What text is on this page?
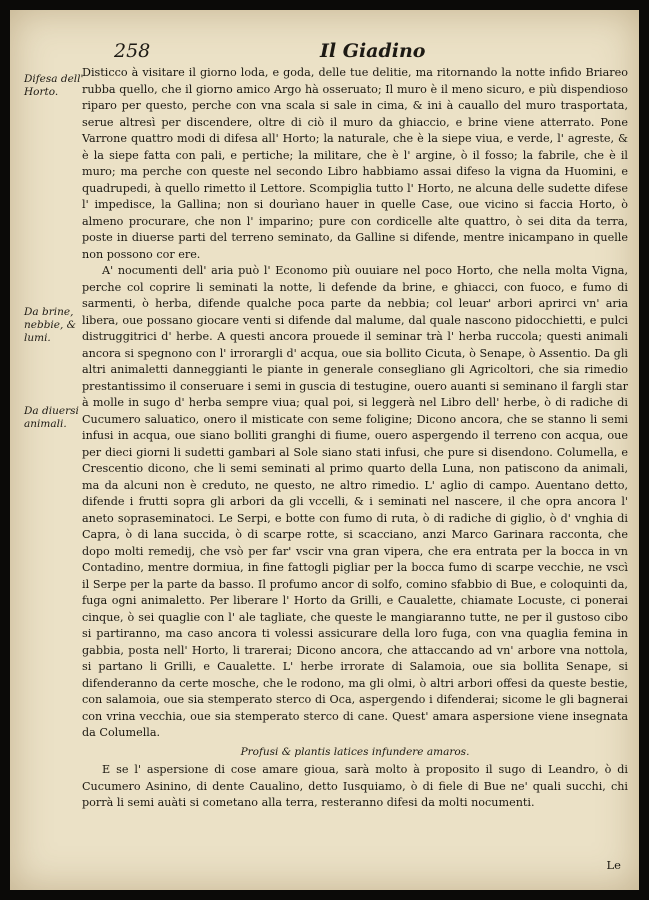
258	Il Giadino
Difesa dell' Horto.
Da brine, nebbie, & lumi.
Da diuersi animali.

Disticco à visitare il giorno loda, e goda, delle tue delitie, ma ritornando la notte infido Briareo rubba quello, che il giorno amico Argo hà osseruato; Il muro è il meno sicuro, e più dispendioso riparo per questo, perche con vna scala si sale in cima, & ini à cauallo del muro trasportata, serue altresì per discendere, oltre di ciò il muro da ghiaccio, e brine viene atterrato. Pone Varrone quattro modi di difesa all' Horto; la naturale, che è la siepe viua, e verde, l' agreste, & è la siepe fatta con pali, e pertiche; la militare, che è l' argine, ò il fosso; la fabrile, che è il muro; ma perche con queste nel secondo Libro habbiamo assai difeso la vigna da Huomini, e quadrupedi, à quello rimetto il Lettore. Scompiglia tutto l' Horto, ne alcuna delle sudette difese l' impedisce, la Gallina; non si dourìano hauer in quelle Case, oue vicino si faccia Horto, ò almeno procurare, che non l' imparino; pure con cordicelle alte quattro, ò sei dita da terra, poste in diuerse parti del terreno seminato, da Galline si difende, mentre inicampano in quelle non possono cor ere.

A' nocumenti dell' aria può l' Economo più ouuiare nel poco Horto, che nella molta Vigna, perche col coprire li seminati la notte, li defende da brine, e ghiacci, con fuoco, e fumo di sarmenti, ò herba, difende qualche poca parte da nebbia; col leuar' arbori aprirci vn' aria libera, oue possano giocare venti si difende dal malume, dal quale nascono pidocchietti, e pulci distruggitrici d' herbe. A questi ancora prouede il seminar trà l' herba ruccola; questi animali ancora si spegnono con l' irrorargli d' acqua, oue sia bollito Cicuta, ò Senape, ò Assentio. Da gli altri animaletti danneggianti le piante in generale consegliano gli Agricoltori, che sia rimedio prestantissimo il conseruare i semi in guscia di testugine, ouero auanti si seminano il fargli star à molle in sugo d' herba sempre viua; qual poi, si leggerà nel Libro dell' herbe, ò di radiche di Cucumero saluatico, onero il misticate con seme foligine; Dicono ancora, che se stanno li semi infusi in acqua, oue siano bolliti granghi di fiume, ouero aspergendo il terreno con acqua, oue per dieci giorni li sudetti gambari al Sole siano stati infusi, che pure si disendono. Columella, e Crescentio dicono, che li semi seminati al primo quarto della Luna, non patiscono da animali, ma da alcuni non è creduto, ne questo, ne altro rimedio. L' aglio di campo. Auentano detto, difende i frutti sopra gli arbori da gli vccelli, & i seminati nel nascere, il che opra ancora l' aneto sopraseminatoci. Le Serpi, e botte con fumo di ruta, ò di radiche di giglio, ò d' vnghia di Capra, ò di lana succida, ò di scarpe rotte, si scacciano, anzi Marco Garinara racconta, che dopo molti remedij, che vsò per far' vscir vna gran vipera, che era entrata per la bocca in vn Contadino, mentre dormiua, in fine fattogli pigliar per la bocca fumo di scarpe vecchie, ne vscì il Serpe per la parte da basso. Il profumo ancor di solfo, comino sfabbio di Bue, e coloquinti da, fuga ogni animaletto. Per liberare l' Horto da Grilli, e Caualette, chiamate Locuste, ci ponerai cinque, ò sei quaglie con l' ale tagliate, che queste le mangiaranno tutte, ne per il gustoso cibo si partiranno, ma caso ancora ti volessi assicurare della loro fuga, con vna quaglia femina in gabbia, posta nell' Horto, li trarerai; Dicono ancora, che attaccando ad vn' arbore vna nottola, si partano li Grilli, e Caualette. L' herbe irrorate di Salamoia, oue sia bollita Senape, si difenderanno da certe mosche, che le rodono, ma gli olmi, ò altri arbori offesi da queste bestie, con salamoia, oue sia stemperato sterco di Oca, aspergendo i difenderai; sicome le gli bagnerai con vrina vecchia, oue sia stemperato sterco di cane. Quest' amara aspersione viene insegnata da Columella.

Profusi & plantis latices infundere amaros.

E se l' aspersione di cose amare gioua, sarà molto à proposito il sugo di Leandro, ò di Cucumero Asinino, di dente Caualino, detto Iusquiamo, ò di fiele di Bue ne' quali succhi, chi porrà li semi auàti si cometano alla terra, resteranno difesi da molti nocumenti.

Le
